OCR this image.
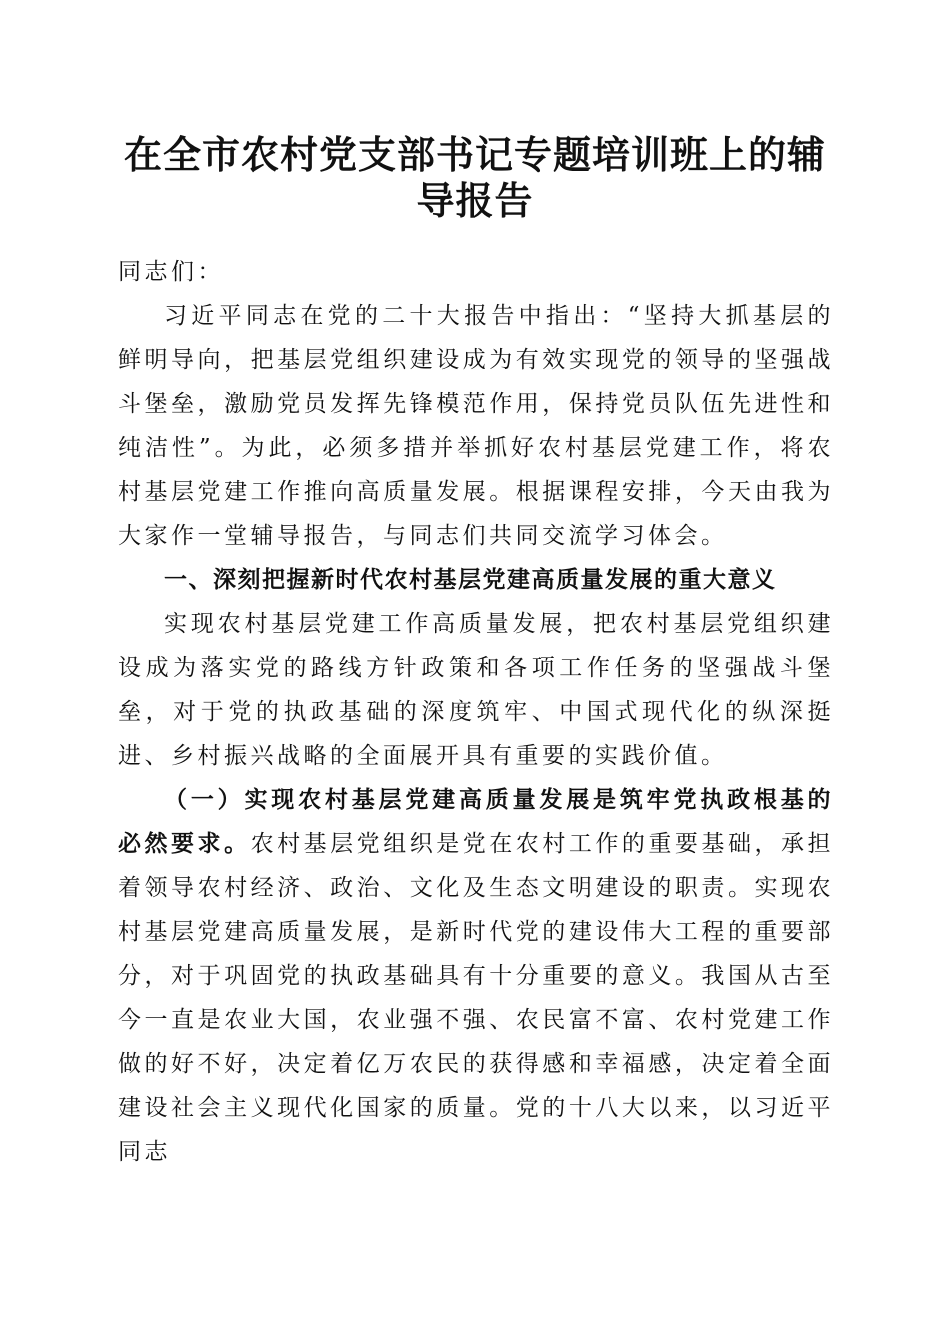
在全市农村党支部书记专题培训班上的辅导报告

同志们：

习近平同志在党的二十大报告中指出：“坚持大抓基层的鲜明导向，把基层党组织建设成为有效实现党的领导的坚强战斗堡垒，激励党员发挥先锋模范作用，保持党员队伍先进性和纯洁性”。为此，必须多措并举抓好农村基层党建工作，将农村基层党建工作推向高质量发展。根据课程安排，今天由我为大家作一堂辅导报告，与同志们共同交流学习体会。

一、深刻把握新时代农村基层党建高质量发展的重大意义

实现农村基层党建工作高质量发展，把农村基层党组织建设成为落实党的路线方针政策和各项工作任务的坚强战斗堡垒，对于党的执政基础的深度筑牢、中国式现代化的纵深挺进、乡村振兴战略的全面展开具有重要的实践价值。

（一）实现农村基层党建高质量发展是筑牢党执政根基的必然要求。农村基层党组织是党在农村工作的重要基础，承担着领导农村经济、政治、文化及生态文明建设的职责。实现农村基层党建高质量发展，是新时代党的建设伟大工程的重要部分，对于巩固党的执政基础具有十分重要的意义。我国从古至今一直是农业大国，农业强不强、农民富不富、农村党建工作做的好不好，决定着亿万农民的获得感和幸福感，决定着全面建设社会主义现代化国家的质量。党的十八大以来，以习近平同志
